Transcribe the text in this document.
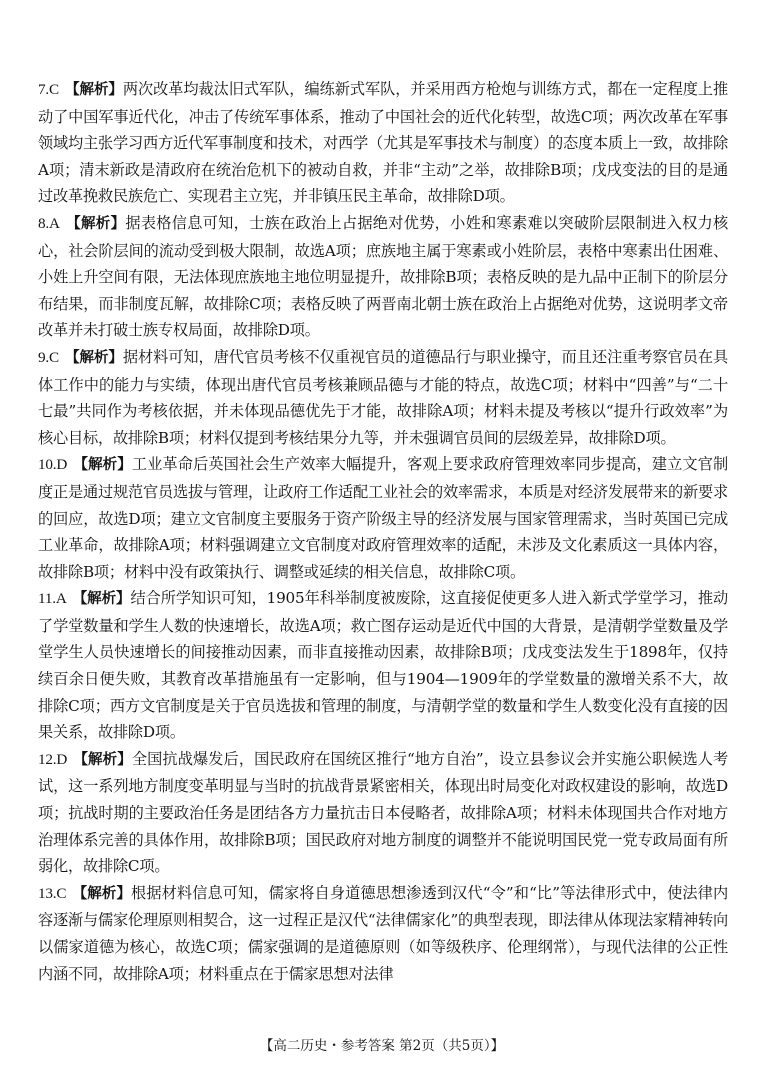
7.C 【解析】两次改革均裁汰旧式军队，编练新式军队，并采用西方枪炮与训练方式，都在一定程度上推动了中国军事近代化，冲击了传统军事体系，推动了中国社会的近代化转型，故选C项；两次改革在军事领域均主张学习西方近代军事制度和技术，对西学（尤其是军事技术与制度）的态度本质上一致，故排除A项；清末新政是清政府在统治危机下的被动自救，并非“主动”之举，故排除B项；戊戌变法的目的是通过改革挽救民族危亡、实现君主立宪，并非镇压民主革命，故排除D项。

8.A 【解析】据表格信息可知，士族在政治上占据绝对优势，小姓和寒素难以突破阶层限制进入权力核心，社会阶层间的流动受到极大限制，故选A项；庶族地主属于寒素或小姓阶层，表格中寒素出仕困难、小姓上升空间有限，无法体现庶族地主地位明显提升，故排除B项；表格反映的是九品中正制下的阶层分布结果，而非制度瓦解，故排除C项；表格反映了两晋南北朝士族在政治上占据绝对优势，这说明孝文帝改革并未打破士族专权局面，故排除D项。

9.C 【解析】据材料可知，唐代官员考核不仅重视官员的道德品行与职业操守，而且还注重考察官员在具体工作中的能力与实绩，体现出唐代官员考核兼顾品德与才能的特点，故选C项；材料中“四善”与“二十七最”共同作为考核依据，并未体现品德优先于才能，故排除A项；材料未提及考核以“提升行政效率”为核心目标，故排除B项；材料仅提到考核结果分九等，并未强调官员间的层级差异，故排除D项。

10.D 【解析】工业革命后英国社会生产效率大幅提升，客观上要求政府管理效率同步提高，建立文官制度正是通过规范官员选拔与管理，让政府工作适配工业社会的效率需求，本质是对经济发展带来的新要求的回应，故选D项；建立文官制度主要服务于资产阶级主导的经济发展与国家管理需求，当时英国已完成工业革命，故排除A项；材料强调建立文官制度对政府管理效率的适配，未涉及文化素质这一具体内容，故排除B项；材料中没有政策执行、调整或延续的相关信息，故排除C项。

11.A 【解析】结合所学知识可知，1905年科举制度被废除，这直接促使更多人进入新式学堂学习，推动了学堂数量和学生人数的快速增长，故选A项；救亡图存运动是近代中国的大背景，是清朝学堂数量及学堂学生人员快速增长的间接推动因素，而非直接推动因素，故排除B项；戊戌变法发生于1898年，仅持续百余日便失败，其教育改革措施虽有一定影响，但与1904—1909年的学堂数量的激增关系不大，故排除C项；西方文官制度是关于官员选拔和管理的制度，与清朝学堂的数量和学生人数变化没有直接的因果关系，故排除D项。

12.D 【解析】全国抗战爆发后，国民政府在国统区推行“地方自治”，设立县参议会并实施公职候选人考试，这一系列地方制度变革明显与当时的抗战背景紧密相关，体现出时局变化对政权建设的影响，故选D项；抗战时期的主要政治任务是团结各方力量抗击日本侵略者，故排除A项；材料未体现国共合作对地方治理体系完善的具体作用，故排除B项；国民政府对地方制度的调整并不能说明国民党一党专政局面有所弱化，故排除C项。

13.C 【解析】根据材料信息可知，儒家将自身道德思想渗透到汉代“令”和“比”等法律形式中，使法律内容逐渐与儒家伦理原则相契合，这一过程正是汉代“法律儒家化”的典型表现，即法律从体现法家精神转向以儒家道德为核心，故选C项；儒家强调的是道德原则（如等级秩序、伦理纲常），与现代法律的公正性内涵不同，故排除A项；材料重点在于儒家思想对法律

【高二历史・参考答案 第2页（共5页）】
